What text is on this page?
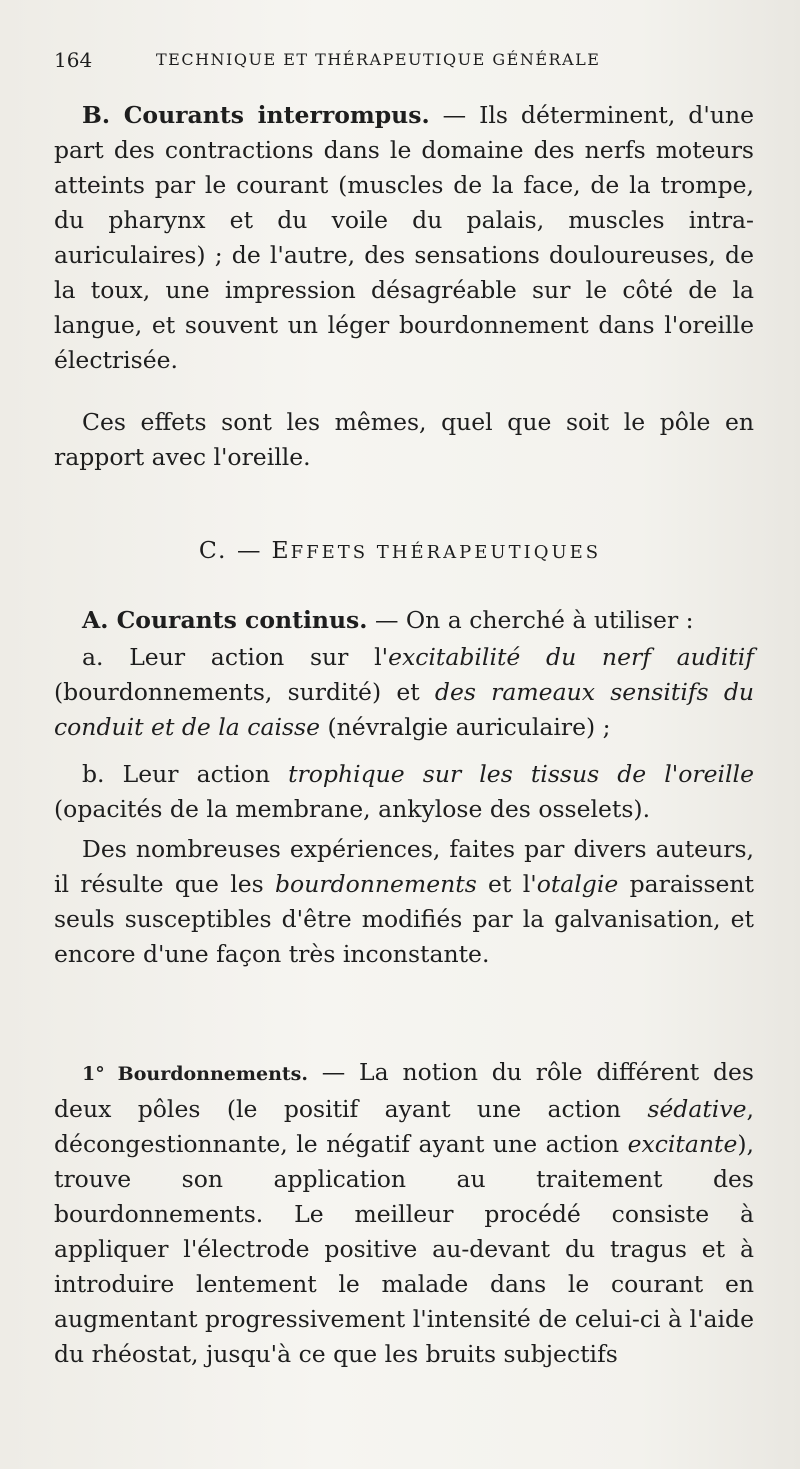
164	TECHNIQUE ET THÉRAPEUTIQUE GÉNÉRALE

B. Courants interrompus. — Ils déterminent, d'une part des contractions dans le domaine des nerfs moteurs atteints par le courant (muscles de la face, de la trompe, du pharynx et du voile du palais, muscles intra-auriculaires) ; de l'autre, des sensations douloureuses, de la toux, une impression désagréable sur le côté de la langue, et souvent un léger bourdonnement dans l'oreille électrisée.

Ces effets sont les mêmes, quel que soit le pôle en rapport avec l'oreille.

C. — EFFETS THÉRAPEUTIQUES

A. Courants continus. — On a cherché à utiliser :

a. Leur action sur l'excitabilité du nerf auditif (bourdonnements, surdité) et des rameaux sensitifs du conduit et de la caisse (névralgie auriculaire) ;

b. Leur action trophique sur les tissus de l'oreille (opacités de la membrane, ankylose des osselets).

Des nombreuses expériences, faites par divers auteurs, il résulte que les bourdonnements et l'otalgie paraissent seuls susceptibles d'être modifiés par la galvanisation, et encore d'une façon très inconstante.

1° Bourdonnements. — La notion du rôle différent des deux pôles (le positif ayant une action sédative, décongestionnante, le négatif ayant une action excitante), trouve son application au traitement des bourdonnements. Le meilleur procédé consiste à appliquer l'électrode positive au-devant du tragus et à introduire lentement le malade dans le courant en augmentant progressivement l'intensité de celui-ci à l'aide du rhéostat, jusqu'à ce que les bruits subjectifs
